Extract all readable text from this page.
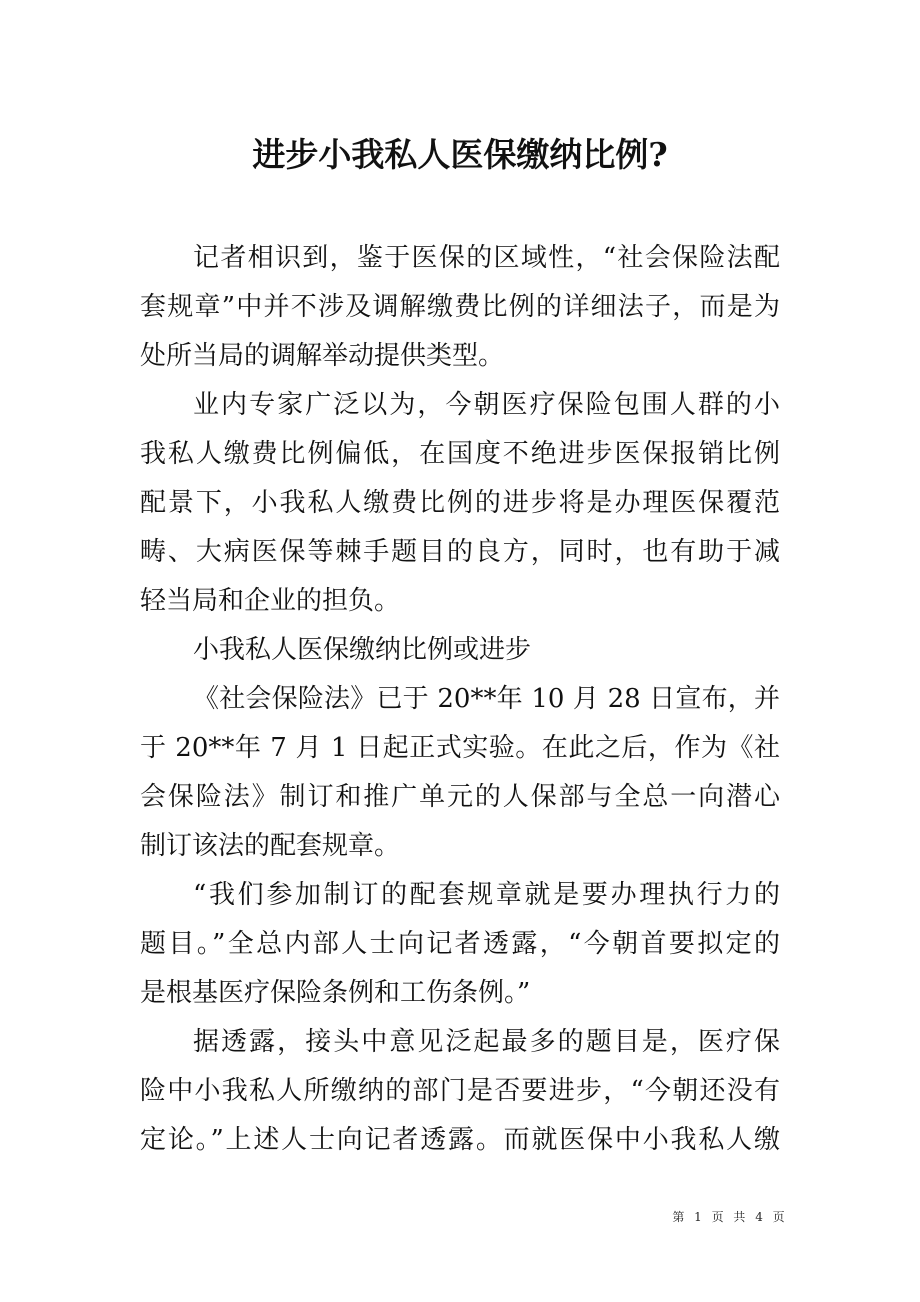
进步小我私人医保缴纳比例?
记者相识到，鉴于医保的区域性，“社会保险法配
套规章”中并不涉及调解缴费比例的详细法子，而是为
处所当局的调解举动提供类型。
业内专家广泛以为，今朝医疗保险包围人群的小
我私人缴费比例偏低，在国度不绝进步医保报销比例
配景下，小我私人缴费比例的进步将是办理医保覆范
畴、大病医保等棘手题目的良方，同时，也有助于减
轻当局和企业的担负。
小我私人医保缴纳比例或进步
《社会保险法》已于 20**年 10 月 28 日宣布，并
于 20**年 7 月 1 日起正式实验。在此之后，作为《社
会保险法》制订和推广单元的人保部与全总一向潜心
制订该法的配套规章。
“我们参加制订的配套规章就是要办理执行力的
题目。”全总内部人士向记者透露，“今朝首要拟定的
是根基医疗保险条例和工伤条例。”
据透露，接头中意见泛起最多的题目是，医疗保
险中小我私人所缴纳的部门是否要进步，“今朝还没有
定论。”上述人士向记者透露。而就医保中小我私人缴
第 1 页 共 4 页
